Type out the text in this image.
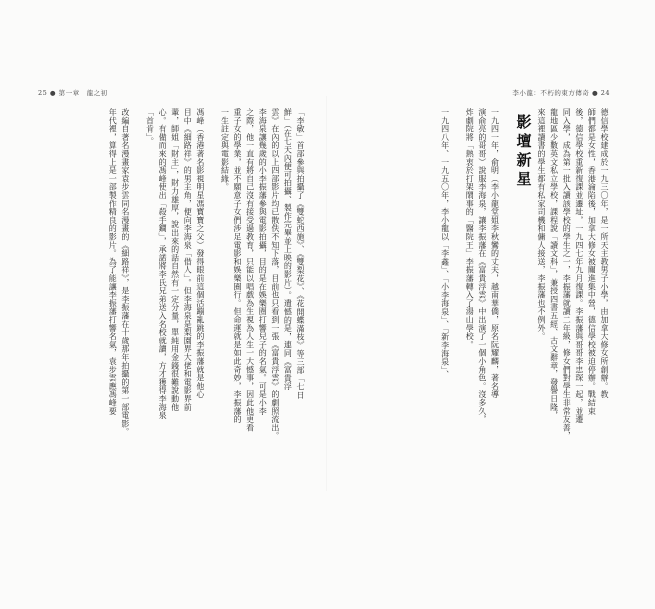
25 ● 第一章　龍之初
「李敏」首部參與拍攝了《雙蛇西施》、《雙梨花》、《花開蝶滿枝》等三部「七日
鮮」（在七天內便可拍攝、製作完畢並上映的影片）。遺憾的是，連同《富貴浮
雲》在內的以上四部影片均已散佚不知下落，目前也只看到一張《富貴浮雲》的劇照流出。
李海泉讓幾歲的小李振藩參與電影拍攝，目的是在娛樂圈打響兒子的名氣。可是小李
之際，他一直有將自己沒有接受過教育，只能以唱戲為生視為人生一大憾事，因此他更看
重子女的學業，並不願意子女們涉足電影和娛樂圈行。但命運就是如此奇妙，李振藩的
一生註定與電影結緣。
馮峰（香港著名影視明星馮寶寶之父）發得眼前這個活蹦亂跳的李振藩就是他心
目中《細路祥》的男主角，便向李海泉「借人」。但李海泉是梨園界大佬和電影界前
輩，師姐「財主」，財力雄厚，說出來的話自然有一定分量，單純用金錢很難說動他
心。有備而來的馮峰使出「殺手鐧」，承諾將李氏兄弟送入名校就讀，方才獲得李海泉
「首肯」。
改編自著名漫畫家袁步雲同名漫畫的《細路祥》，是李振藩在十歲那年拍攝的第一部電影。
年代裡，算得上是一部製作精良的影片。為了能讓李振藩打響名氣，袁步雲應馮峰要
李小龍：不朽的東方傳奇 ● 24
德信學校建成於一九三〇年，是一所天主教男子小學，由加拿大修女所創辦。教
師們都是女性，香港淪陷後，加拿大修女被關進集中營，德信學校被迫停辦。戰結束
後，德信學校重新復課並遷址，一九四七年九月復課。李振藩與哥哥李忠琛一起，並遷
同入學，成為第一批入讀該學校的學生之一，李振藩就讀二年級，修女們對學生非常友善，
龍地區少數英文私立學校，課程說「讀文科」，兼授四書五經、古文辭章，發譽日隆，
來這裡讀書的學生都有私家司機和傭人接送，李振藩也不例外。
影壇新星
一九四一年，俞明（李小龍堂姐李秋鸞的丈夫，越南華僑，原名阮耀麟，著名導
演俞亮的哥哥）說服李海泉，讓李振藩在《富貴浮雲》中出演了一個小角色。沒多久，
炸劇院將「熱衷於打架鬧事的「醫院王」李振藩轉入了湯山學校。
一九四八年、一九五〇年，李小龍以「李鑫」、「小李海泉」、「新李海泉」、
